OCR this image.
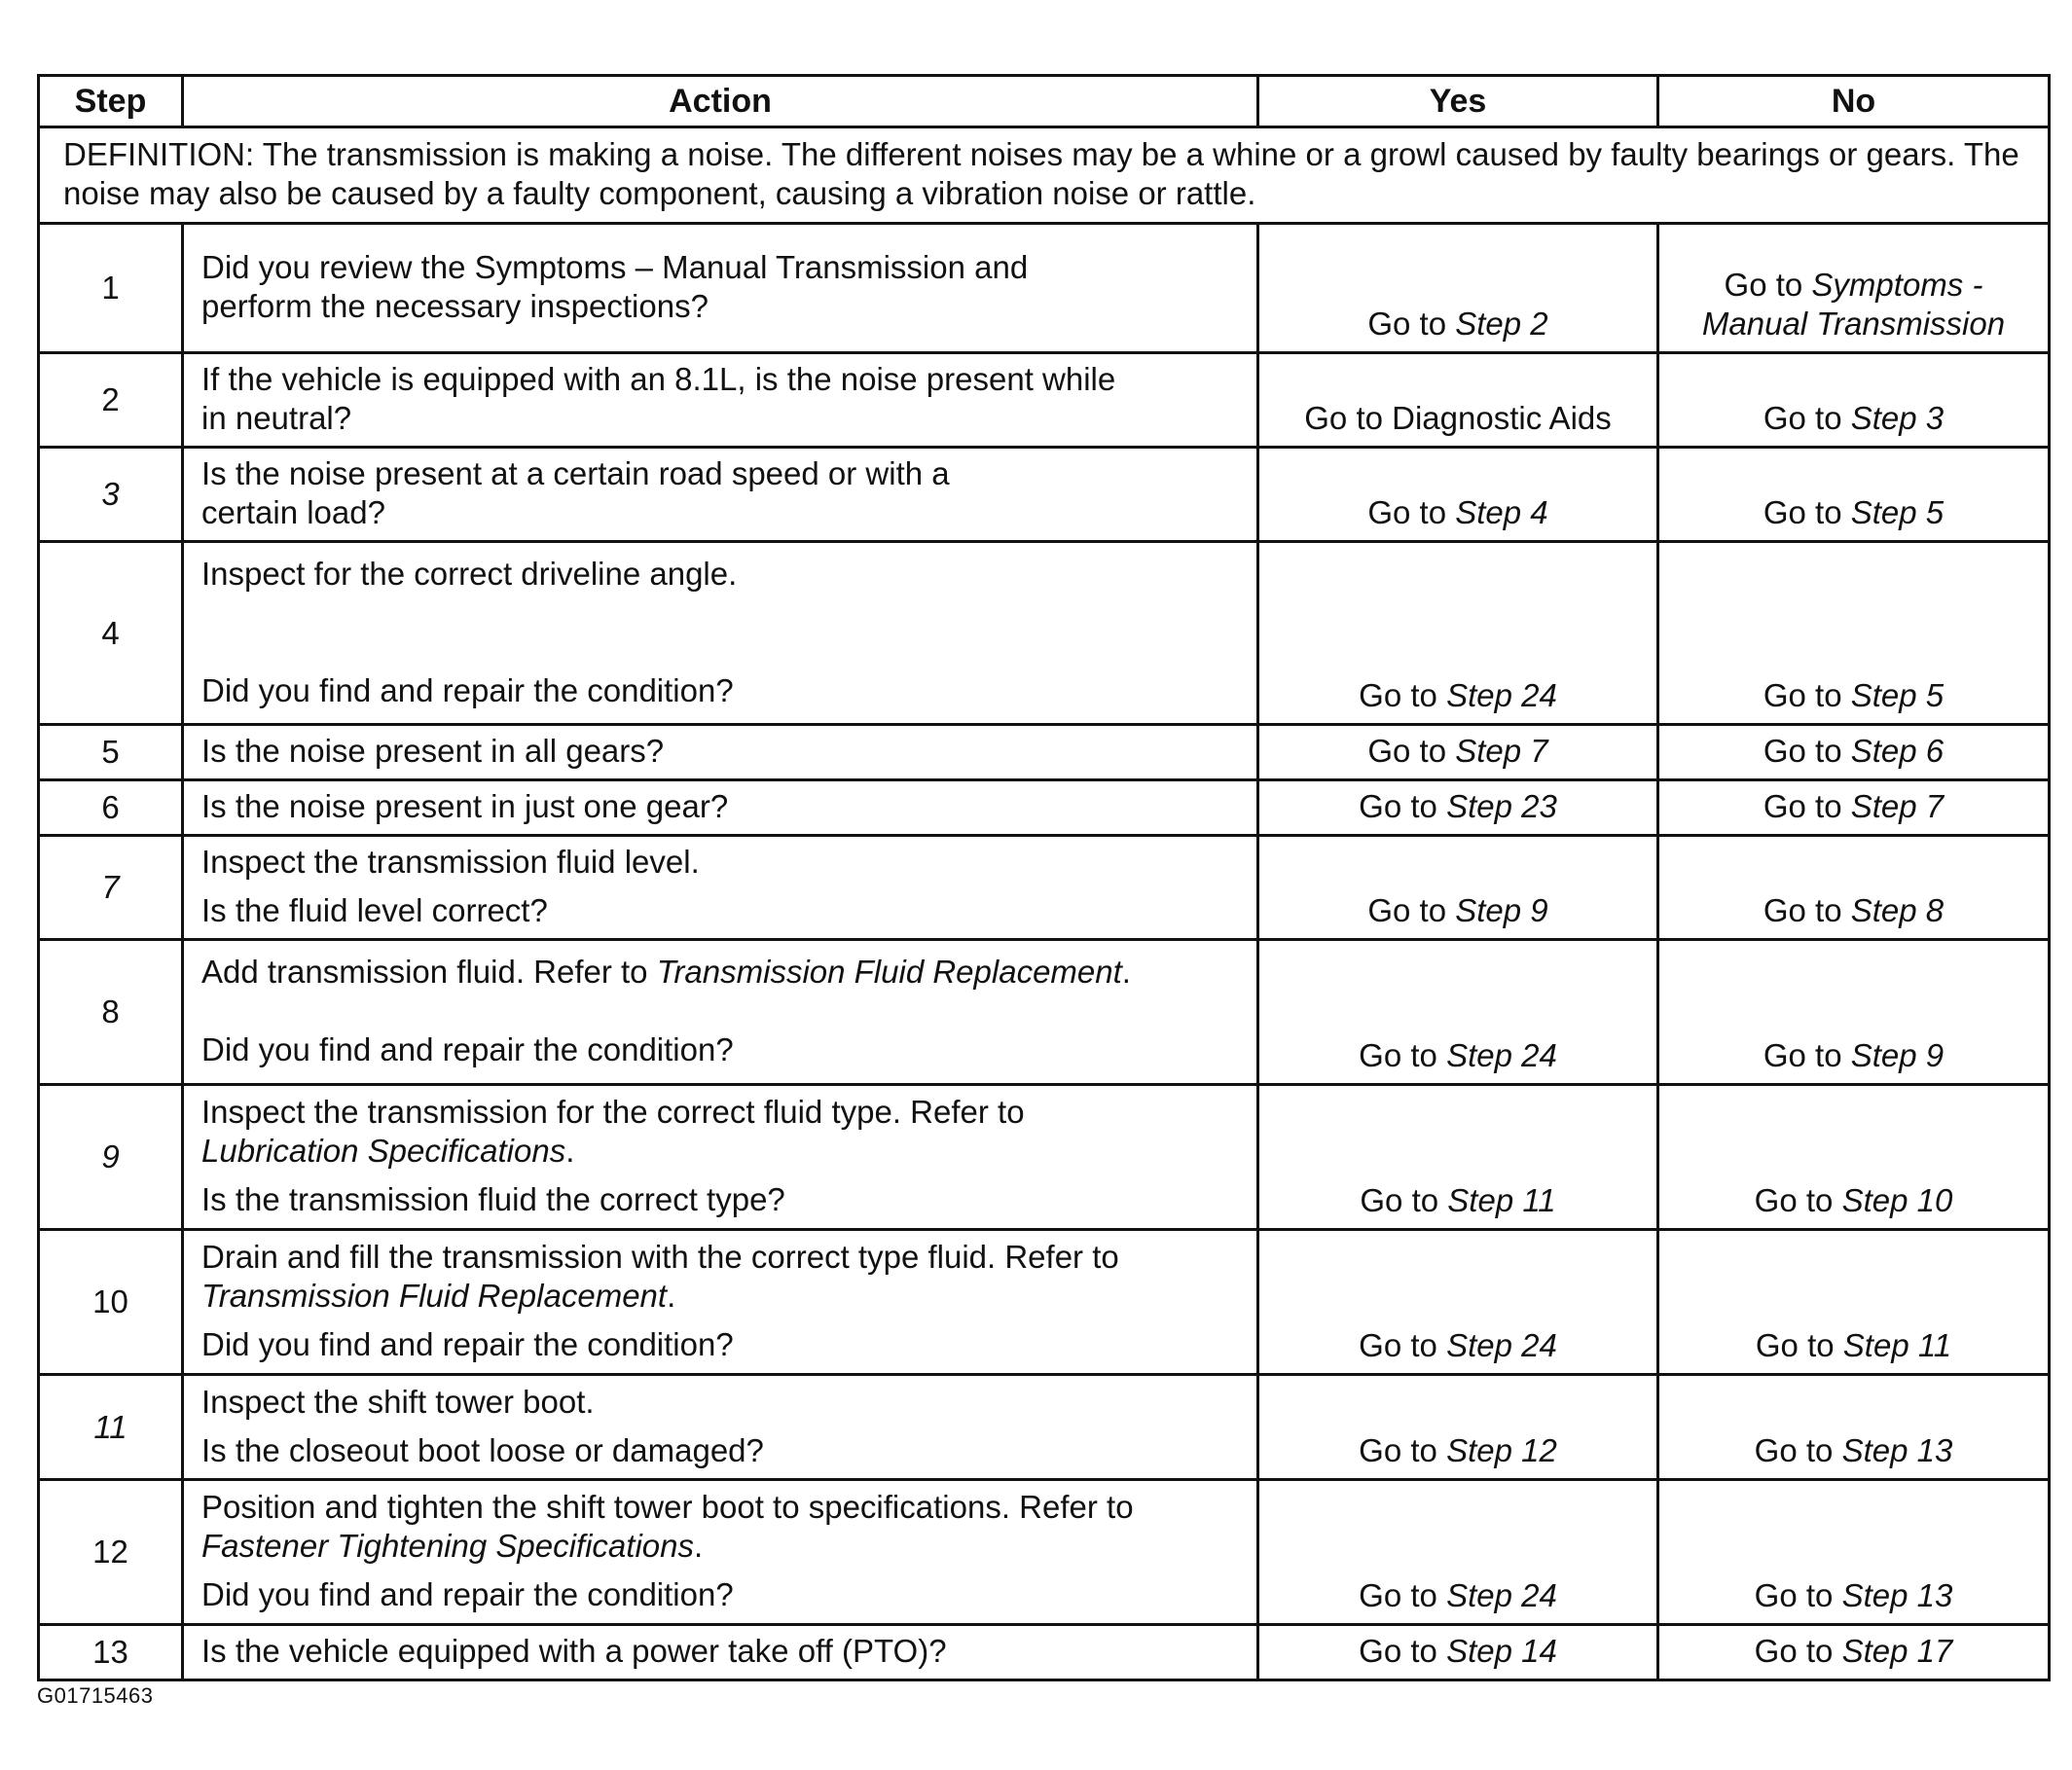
Step	Action	Yes	No
DEFINITION: The transmission is making a noise. The different noises may be a whine or a growl caused by faulty bearings or gears. The noise may also be caused by a faulty component, causing a vibration noise or rattle.			
1	Did you review the Symptoms – Manual Transmission and
perform the necessary inspections?	Go to Step 2	Go to Symptoms -
Manual Transmission

2	If the vehicle is equipped with an 8.1L, is the noise present while
in neutral?	Go to Diagnostic Aids	Go to Step 3
3	Is the noise present at a certain road speed or with a
certain load?	Go to Step 4	Go to Step 5
4	Inspect for the correct driveline angle.
Did you find and repair the condition?	Go to Step 24	Go to Step 5
5	Is the noise present in all gears?	Go to Step 7	Go to Step 6
6	Is the noise present in just one gear?	Go to Step 23	Go to Step 7
7	Inspect the transmission fluid level.
Is the fluid level correct?	Go to Step 9	Go to Step 8
8	Add transmission fluid. Refer to Transmission Fluid Replacement.
Did you find and repair the condition?	Go to Step 24	Go to Step 9
9	Inspect the transmission for the correct fluid type. Refer to
Lubrication Specifications.
Is the transmission fluid the correct type?	Go to Step 11	Go to Step 10
10	Drain and fill the transmission with the correct type fluid. Refer to
Transmission Fluid Replacement.
Did you find and repair the condition?	Go to Step 24	Go to Step 11
11	Inspect the shift tower boot.
Is the closeout boot loose or damaged?	Go to Step 12	Go to Step 13
12	Position and tighten the shift tower boot to specifications. Refer to
Fastener Tightening Specifications.
Did you find and repair the condition?	Go to Step 24	Go to Step 13
13	Is the vehicle equipped with a power take off (PTO)?	Go to Step 14	Go to Step 17
G01715463
